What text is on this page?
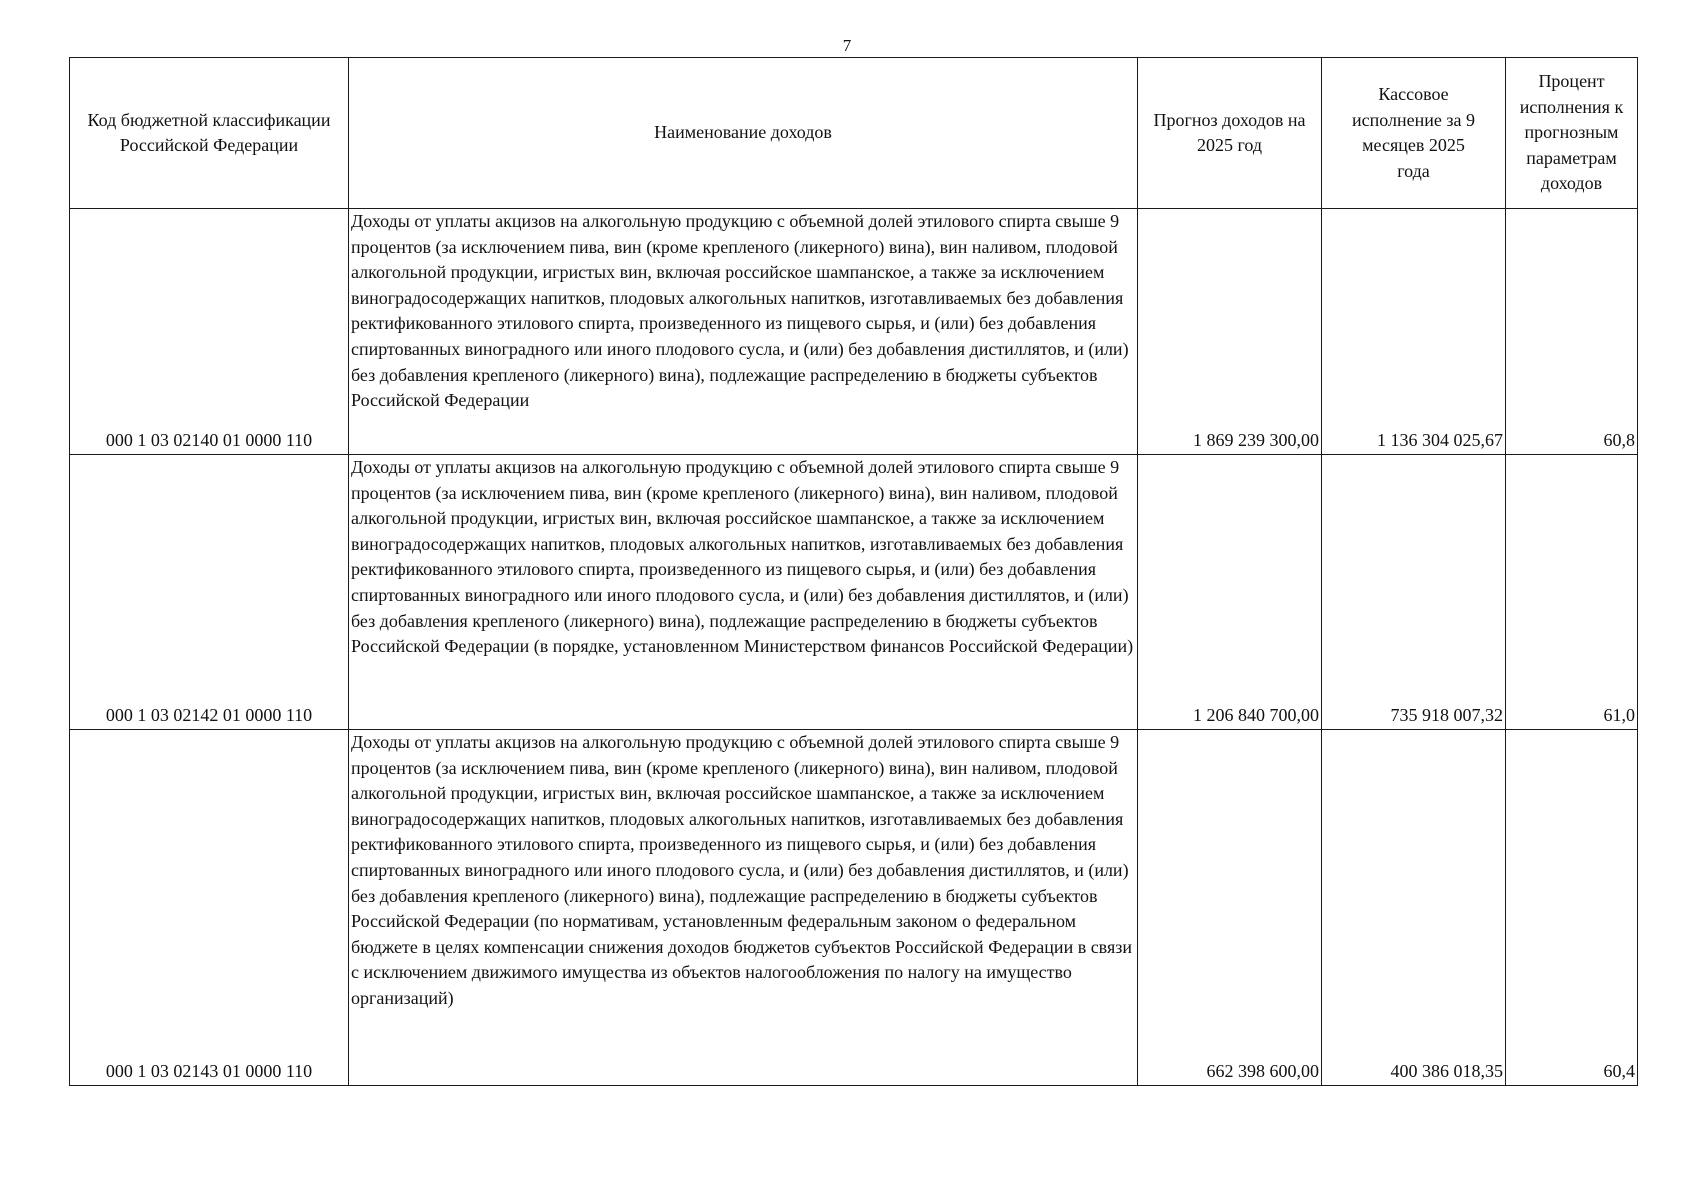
7
Код бюджетной классификации Российской Федерации	Наименование доходов	Прогноз доходов на 2025 год	Кассовое исполнение за 9 месяцев 2025 года	Процент исполнения к прогнозным параметрам доходов
000 1 03 02140 01 0000 110	Доходы от уплаты акцизов на алкогольную продукцию с объемной долей этилового спирта свыше 9 процентов (за исключением пива, вин (кроме крепленого (ликерного) вина), вин наливом, плодовой алкогольной продукции, игристых вин, включая российское шампанское, а также за исключением виноградосодержащих напитков, плодовых алкогольных напитков, изготавливаемых без добавления ректификованного этилового спирта, произведенного из пищевого сырья, и (или) без добавления спиртованных виноградного или иного плодового сусла, и (или) без добавления дистиллятов, и (или) без добавления крепленого (ликерного) вина), подлежащие распределению в бюджеты субъектов Российской Федерации	1 869 239 300,00	1 136 304 025,67	60,8
000 1 03 02142 01 0000 110	Доходы от уплаты акцизов на алкогольную продукцию с объемной долей этилового спирта свыше 9 процентов (за исключением пива, вин (кроме крепленого (ликерного) вина), вин наливом, плодовой алкогольной продукции, игристых вин, включая российское шампанское, а также за исключением виноградосодержащих напитков, плодовых алкогольных напитков, изготавливаемых без добавления ректификованного этилового спирта, произведенного из пищевого сырья, и (или) без добавления спиртованных виноградного или иного плодового сусла, и (или) без добавления дистиллятов, и (или) без добавления крепленого (ликерного) вина), подлежащие распределению в бюджеты субъектов Российской Федерации (в порядке, установленном Министерством финансов Российской Федерации)	1 206 840 700,00	735 918 007,32	61,0
000 1 03 02143 01 0000 110	Доходы от уплаты акцизов на алкогольную продукцию с объемной долей этилового спирта свыше 9 процентов (за исключением пива, вин (кроме крепленого (ликерного) вина), вин наливом, плодовой алкогольной продукции, игристых вин, включая российское шампанское, а также за исключением виноградосодержащих напитков, плодовых алкогольных напитков, изготавливаемых без добавления ректификованного этилового спирта, произведенного из пищевого сырья, и (или) без добавления спиртованных виноградного или иного плодового сусла, и (или) без добавления дистиллятов, и (или) без добавления крепленого (ликерного) вина), подлежащие распределению в бюджеты субъектов Российской Федерации (по нормативам, установленным федеральным законом о федеральном бюджете в целях компенсации снижения доходов бюджетов субъектов Российской Федерации в связи с исключением движимого имущества из объектов налогообложения по налогу на имущество организаций)	662 398 600,00	400 386 018,35	60,4
